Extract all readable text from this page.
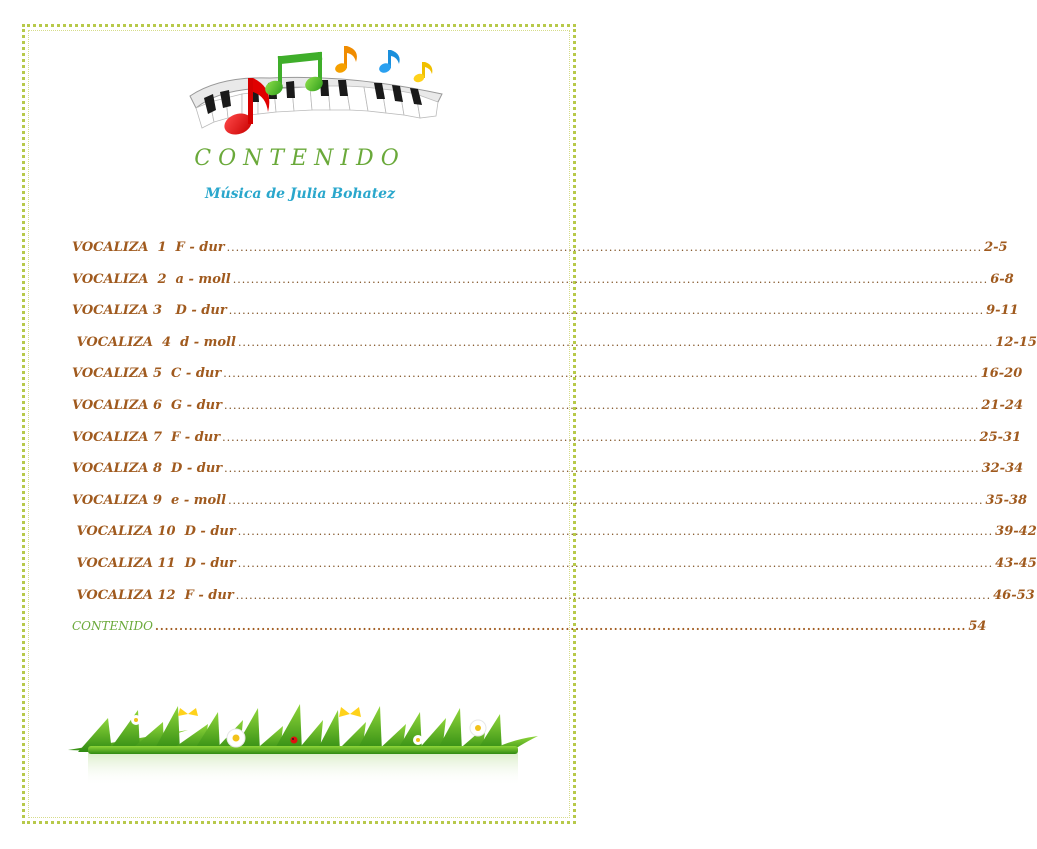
CONTENIDO
Música de Julia Bohatez
VOCALIZA  1  F - dur ........................................................................................................................................................................ 2-5
VOCALIZA  2  a - moll ........................................................................................................................................................................ 6-8
VOCALIZA 3   D - dur ........................................................................................................................................................................ 9-11
VOCALIZA  4  d - moll ........................................................................................................................................................................ 12-15
VOCALIZA 5  C - dur ........................................................................................................................................................................ 16-20
VOCALIZA 6  G - dur ........................................................................................................................................................................ 21-24
VOCALIZA 7  F - dur ........................................................................................................................................................................ 25-31
VOCALIZA 8  D - dur ........................................................................................................................................................................ 32-34
VOCALIZA 9  e - moll ........................................................................................................................................................................ 35-38
VOCALIZA 10  D - dur ........................................................................................................................................................................ 39-42
VOCALIZA 11  D - dur ........................................................................................................................................................................ 43-45
VOCALIZA 12  F - dur ........................................................................................................................................................................ 46-53
CONTENIDO ........................................................................................................................................................................ 54
